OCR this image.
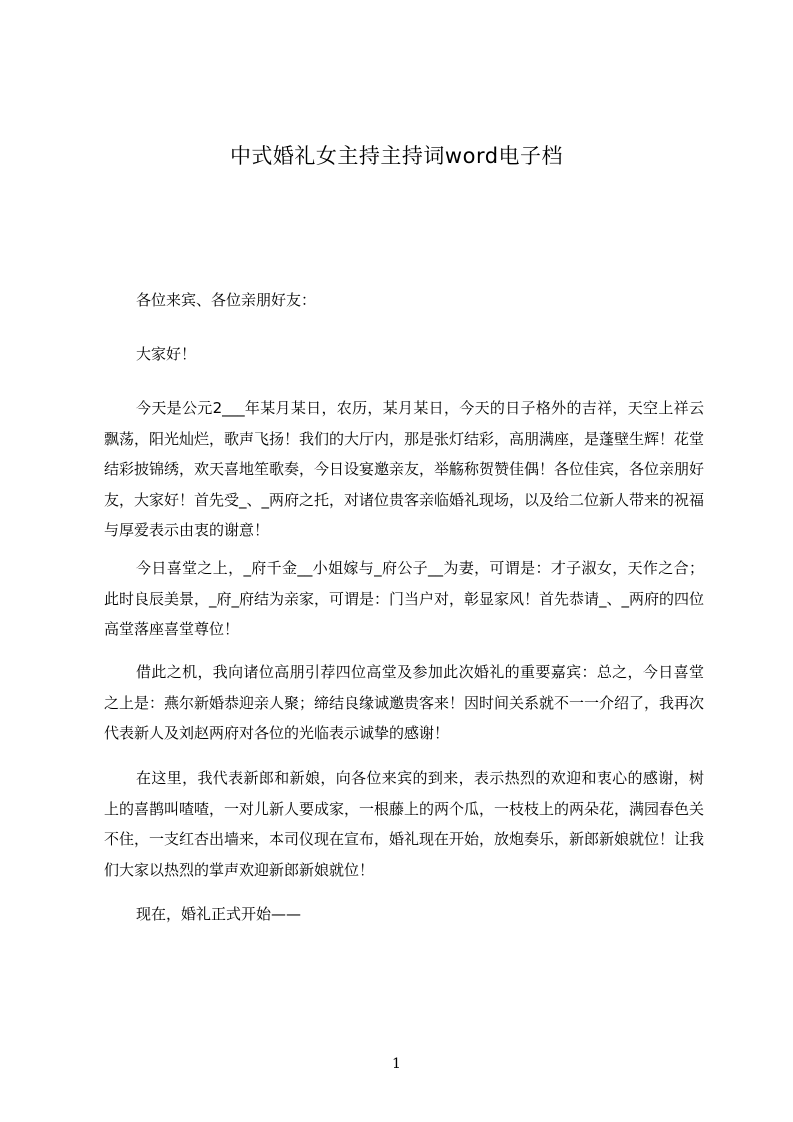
中式婚礼女主持主持词word电子档

各位来宾、各位亲朋好友：

大家好！

今天是公元2___年某月某日，农历，某月某日，今天的日子格外的吉祥，天空上祥云飘荡，阳光灿烂，歌声飞扬！我们的大厅内，那是张灯结彩，高朋满座，是蓬壁生辉！花堂结彩披锦绣，欢天喜地笙歌奏，今日设宴邀亲友，举觞称贺赞佳偶！各位佳宾，各位亲朋好友，大家好！首先受_、_两府之托，对诸位贵客亲临婚礼现场，以及给二位新人带来的祝福与厚爱表示由衷的谢意！

今日喜堂之上，_府千金__小姐嫁与_府公子__为妻，可谓是：才子淑女，天作之合；此时良辰美景，_府_府结为亲家，可谓是：门当户对，彰显家风！首先恭请_、_两府的四位高堂落座喜堂尊位！

借此之机，我向诸位高朋引荐四位高堂及参加此次婚礼的重要嘉宾：总之，今日喜堂之上是：燕尔新婚恭迎亲人聚；缔结良缘诚邀贵客来！因时间关系就不一一介绍了，我再次代表新人及刘赵两府对各位的光临表示诚挚的感谢！

在这里，我代表新郎和新娘，向各位来宾的到来，表示热烈的欢迎和衷心的感谢，树上的喜鹊叫喳喳，一对儿新人要成家，一根藤上的两个瓜，一枝枝上的两朵花，满园春色关不住，一支红杏出墙来，本司仪现在宣布，婚礼现在开始，放炮奏乐，新郎新娘就位！让我们大家以热烈的掌声欢迎新郎新娘就位！

现在，婚礼正式开始——

1
